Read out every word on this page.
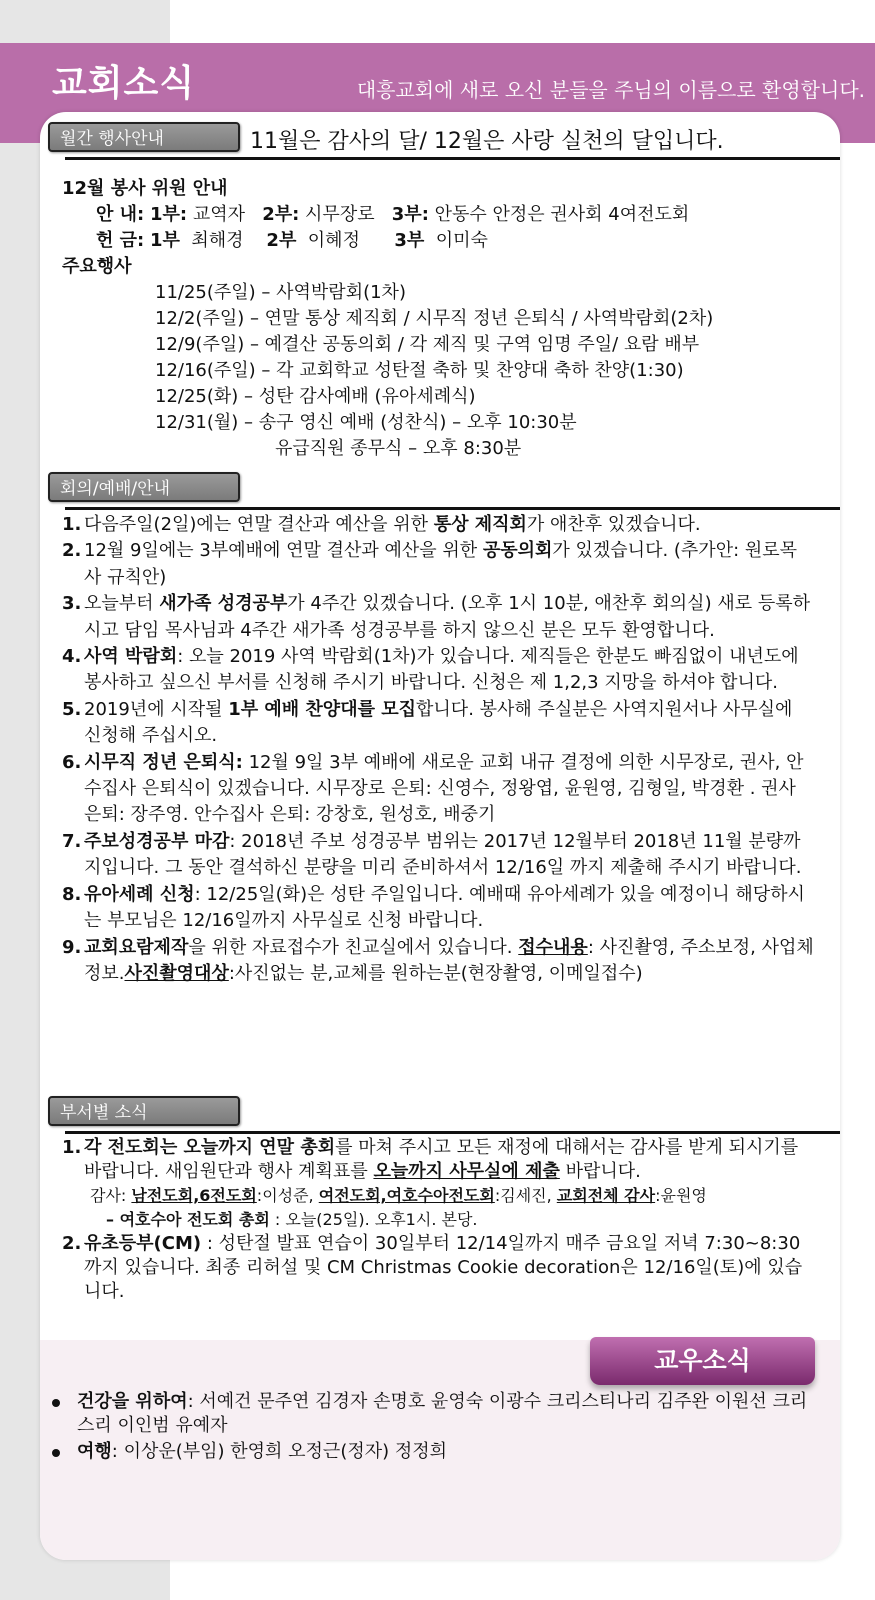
교회소식	대흥교회에 새로 오신 분들을 주님의 이름으로 환영합니다.
월간 행사안내	11월은 감사의 달/ 12월은 사랑 실천의 달입니다.
12월 봉사 위원 안내
안 내: 1부: 교역자 2부: 시무장로 3부: 안동수 안정은 권사회 4여전도회
헌 금: 1부 최해경 2부 이혜정 3부 이미숙
주요행사
11/25(주일) – 사역박람회(1차)
12/2(주일) – 연말 통상 제직회 / 시무직 정년 은퇴식 / 사역박람회(2차)
12/9(주일) – 예결산 공동의회 / 각 제직 및 구역 임명 주일/ 요람 배부
12/16(주일) – 각 교회학교 성탄절 축하 및 찬양대 축하 찬양(1:30)
12/25(화) – 성탄 감사예배 (유아세례식)
12/31(월) – 송구 영신 예배 (성찬식) – 오후 10:30분
유급직원 종무식 – 오후 8:30분
회의/예배/안내
1. 다음주일(2일)에는 연말 결산과 예산을 위한 통상 제직회가 애찬후 있겠습니다.
2. 12월 9일에는 3부예배에 연말 결산과 예산을 위한 공동의회가 있겠습니다. (추가안: 원로목사 규칙안)
3. 오늘부터 새가족 성경공부가 4주간 있겠습니다. (오후 1시 10분, 애찬후 회의실) 새로 등록하시고 담임 목사님과 4주간 새가족 성경공부를 하지 않으신 분은 모두 환영합니다.
4. 사역 박람회: 오늘 2019 사역 박람회(1차)가 있습니다. 제직들은 한분도 빠짐없이 내년도에 봉사하고 싶으신 부서를 신청해 주시기 바랍니다. 신청은 제 1,2,3 지망을 하셔야 합니다.
5. 2019년에 시작될 1부 예배 찬양대를 모집합니다. 봉사해 주실분은 사역지원서나 사무실에 신청해 주십시오.
6. 시무직 정년 은퇴식: 12월 9일 3부 예배에 새로운 교회 내규 결정에 의한 시무장로, 권사, 안수집사 은퇴식이 있겠습니다. 시무장로 은퇴: 신영수, 정왕엽, 윤원영, 김형일, 박경환 . 권사 은퇴: 장주영. 안수집사 은퇴: 강창호, 원성호, 배중기
7. 주보성경공부 마감: 2018년 주보 성경공부 범위는 2017년 12월부터 2018년 11월 분량까지입니다. 그 동안 결석하신 분량을 미리 준비하셔서 12/16일 까지 제출해 주시기 바랍니다.
8. 유아세례 신청: 12/25일(화)은 성탄 주일입니다. 예배때 유아세례가 있을 예정이니 해당하시는 부모님은 12/16일까지 사무실로 신청 바랍니다.
9. 교회요람제작을 위한 자료접수가 친교실에서 있습니다. 접수내용: 사진촬영, 주소보정, 사업체정보.사진촬영대상:사진없는 분,교체를 원하는분(현장촬영, 이메일접수)
부서별 소식
1. 각 전도회는 오늘까지 연말 총회를 마쳐 주시고 모든 재정에 대해서는 감사를 받게 되시기를 바랍니다. 새임원단과 행사 계획표를 오늘까지 사무실에 제출 바랍니다.
감사: 남전도회,6전도회:이성준, 여전도회,여호수아전도회:김세진, 교회전체 감사:윤원영
– 여호수아 전도회 총회 : 오늘(25일). 오후1시. 본당.
2. 유초등부(CM) : 성탄절 발표 연습이 30일부터 12/14일까지 매주 금요일 저녁 7:30~8:30까지 있습니다. 최종 리허설 및 CM Christmas Cookie decoration은 12/16일(토)에 있습니다.
교우소식
건강을 위하여: 서예건 문주연 김경자 손명호 윤영숙 이광수 크리스티나리 김주완 이원선 크리스리 이인범 유예자
여행: 이상운(부임) 한영희 오정근(정자) 정정희
